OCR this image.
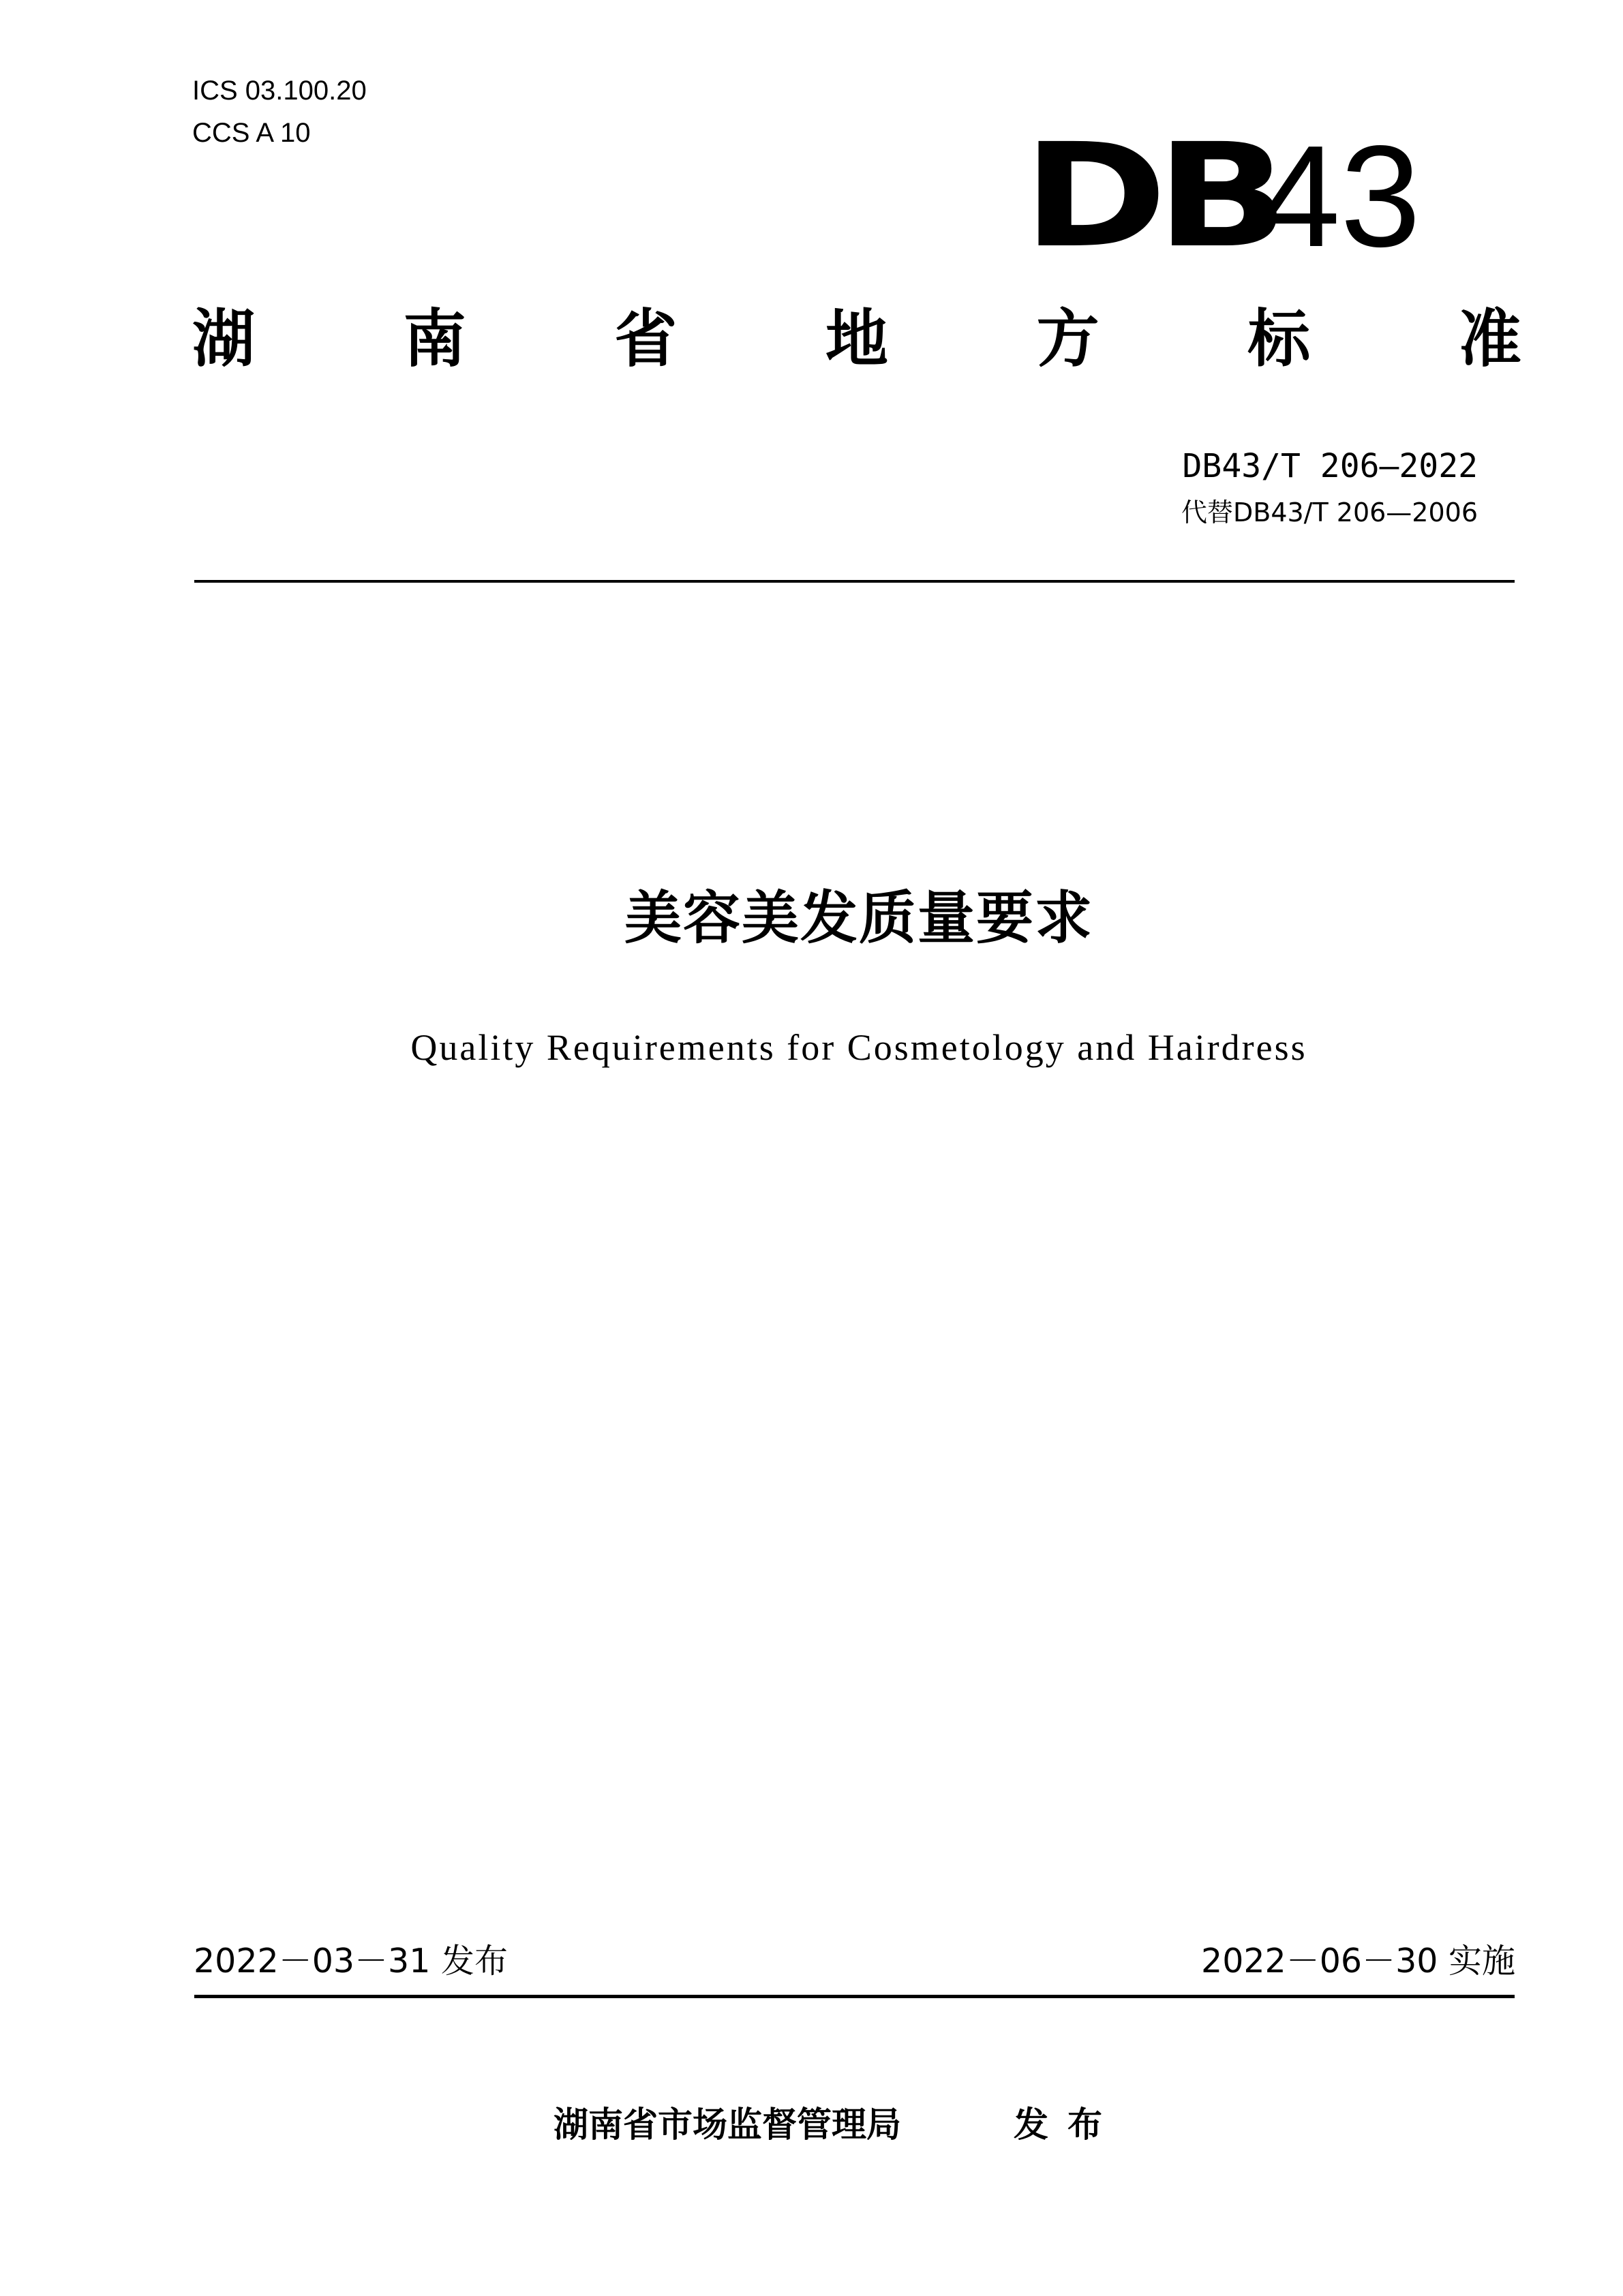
ICS 03.100.20
CCS A 10	DB
43
湖 南 省 地 方 标 准
DB43/T 206—2022
代替DB43/T 206—2006
美容美发质量要求
Quality Requirements for Cosmetology and Hairdress
2022－03－31 发布	2022－06－30 实施
湖南省市场监督管理局	发布
